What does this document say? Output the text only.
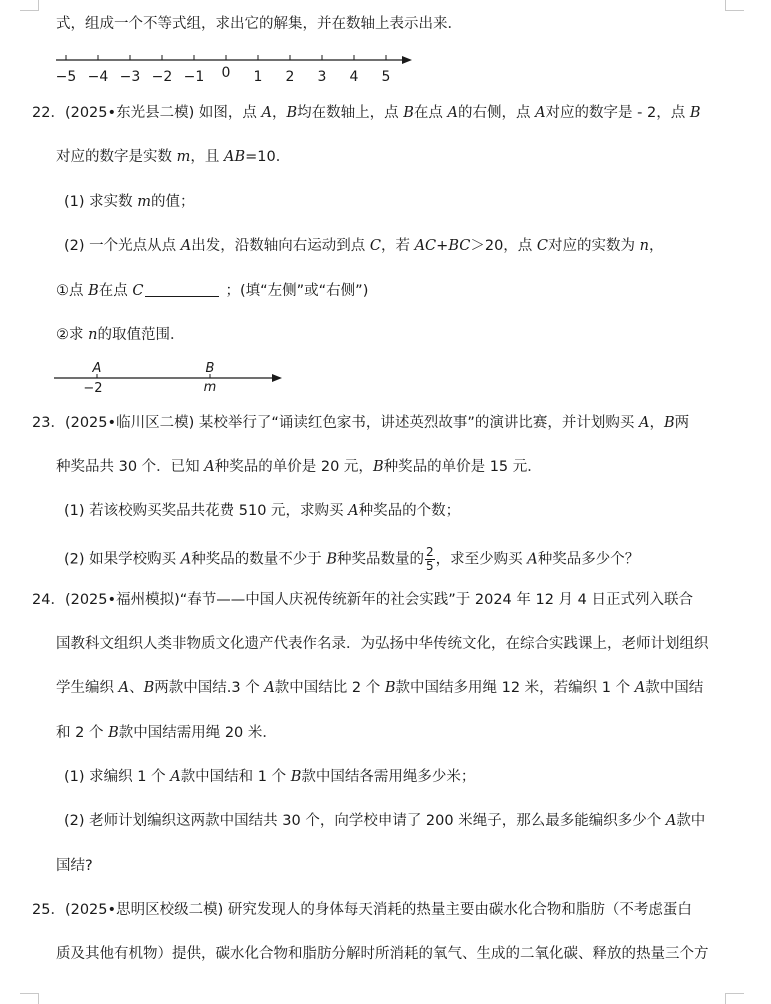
式，组成一个不等式组，求出它的解集，并在数轴上表示出来．
−5 −4 −3 −2 −1 0 1 2 3 4 5
22．(2025•东光县二模) 如图，点 A，B均在数轴上，点 B在点 A的右侧，点 A对应的数字是 - 2，点 B
对应的数字是实数 m，且 AB=10．
(1) 求实数 m的值；
(2) 一个光点从点 A出发，沿数轴向右运动到点 C，若 AC+BC＞20，点 C对应的实数为 n，
①点 B在点 C	；(填“左侧”或“右侧”)
②求 n的取值范围．
A	B
−2	m
23．(2025•临川区二模) 某校举行了“诵读红色家书，讲述英烈故事”的演讲比赛，并计划购买 A，B两
种奖品共 30 个．已知 A种奖品的单价是 20 元，B种奖品的单价是 15 元．
(1) 若该校购买奖品共花费 510 元，求购买 A种奖品的个数；
(2) 如果学校购买 A种奖品的数量不少于 B种奖品数量的 $\frac{2}{5}$ ，求至少购买 A种奖品多少个？
24．(2025•福州模拟)“春节——中国人庆祝传统新年的社会实践”于 2024 年 12 月 4 日正式列入联合
国教科文组织人类非物质文化遗产代表作名录．为弘扬中华传统文化，在综合实践课上，老师计划组织
学生编织 A、B两款中国结.3 个 A款中国结比 2 个 B款中国结多用绳 12 米，若编织 1 个 A款中国结
和 2 个 B款中国结需用绳 20 米．
(1) 求编织 1 个 A款中国结和 1 个 B款中国结各需用绳多少米；
(2) 老师计划编织这两款中国结共 30 个，向学校申请了 200 米绳子，那么最多能编织多少个 A款中
国结?
25．(2025•思明区校级二模) 研究发现人的身体每天消耗的热量主要由碳水化合物和脂肪（不考虑蛋白
质及其他有机物）提供，碳水化合物和脂肪分解时所消耗的氧气、生成的二氧化碳、释放的热量三个方
